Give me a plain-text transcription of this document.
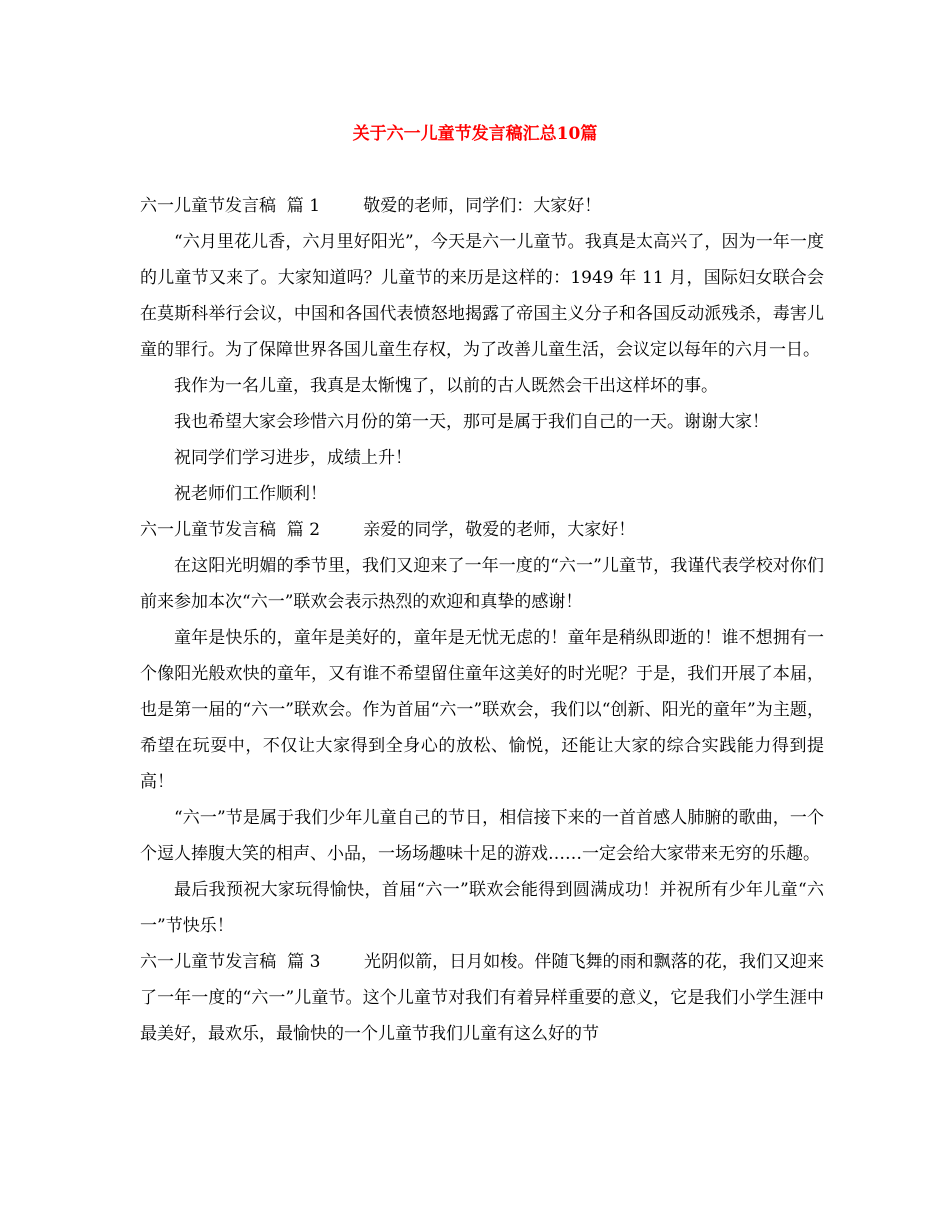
关于六一儿童节发言稿汇总10篇

六一儿童节发言稿  篇 1	敬爱的老师，同学们：大家好！

“六月里花儿香，六月里好阳光”，今天是六一儿童节。我真是太高兴了，因为一年一度的儿童节又来了。大家知道吗？儿童节的来历是这样的：1949 年 11 月，国际妇女联合会在莫斯科举行会议，中国和各国代表愤怒地揭露了帝国主义分子和各国反动派残杀，毒害儿童的罪行。为了保障世界各国儿童生存权，为了改善儿童生活，会议定以每年的六月一日。

我作为一名儿童，我真是太惭愧了，以前的古人既然会干出这样坏的事。

我也希望大家会珍惜六月份的第一天，那可是属于我们自己的一天。谢谢大家！

祝同学们学习进步，成绩上升！

祝老师们工作顺利！

六一儿童节发言稿  篇 2	亲爱的同学，敬爱的老师，大家好！

在这阳光明媚的季节里，我们又迎来了一年一度的“六一”儿童节，我谨代表学校对你们前来参加本次“六一”联欢会表示热烈的欢迎和真挚的感谢！

童年是快乐的，童年是美好的，童年是无忧无虑的！童年是稍纵即逝的！谁不想拥有一个像阳光般欢快的童年，又有谁不希望留住童年这美好的时光呢？于是，我们开展了本届，也是第一届的“六一”联欢会。作为首届“六一”联欢会，我们以“创新、阳光的童年”为主题，希望在玩耍中，不仅让大家得到全身心的放松、愉悦，还能让大家的综合实践能力得到提高！

“六一”节是属于我们少年儿童自己的节日，相信接下来的一首首感人肺腑的歌曲，一个个逗人捧腹大笑的相声、小品，一场场趣味十足的游戏……一定会给大家带来无穷的乐趣。

最后我预祝大家玩得愉快，首届“六一”联欢会能得到圆满成功！并祝所有少年儿童“六一”节快乐！

六一儿童节发言稿  篇 3	光阴似箭，日月如梭。伴随飞舞的雨和飘落的花，我们又迎来了一年一度的“六一”儿童节。这个儿童节对我们有着异样重要的意义，它是我们小学生涯中最美好，最欢乐，最愉快的一个儿童节我们儿童有这么好的节
